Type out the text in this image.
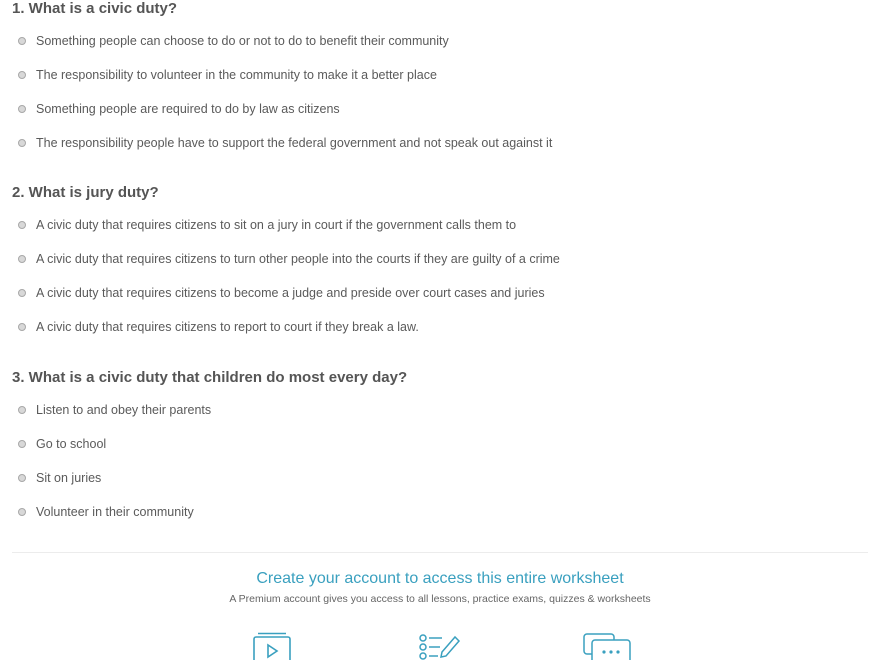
1. What is a civic duty?
Something people can choose to do or not to do to benefit their community
The responsibility to volunteer in the community to make it a better place
Something people are required to do by law as citizens
The responsibility people have to support the federal government and not speak out against it
2. What is jury duty?
A civic duty that requires citizens to sit on a jury in court if the government calls them to
A civic duty that requires citizens to turn other people into the courts if they are guilty of a crime
A civic duty that requires citizens to become a judge and preside over court cases and juries
A civic duty that requires citizens to report to court if they break a law.
3. What is a civic duty that children do most every day?
Listen to and obey their parents
Go to school
Sit on juries
Volunteer in their community
Create your account to access this entire worksheet
A Premium account gives you access to all lessons, practice exams, quizzes & worksheets
